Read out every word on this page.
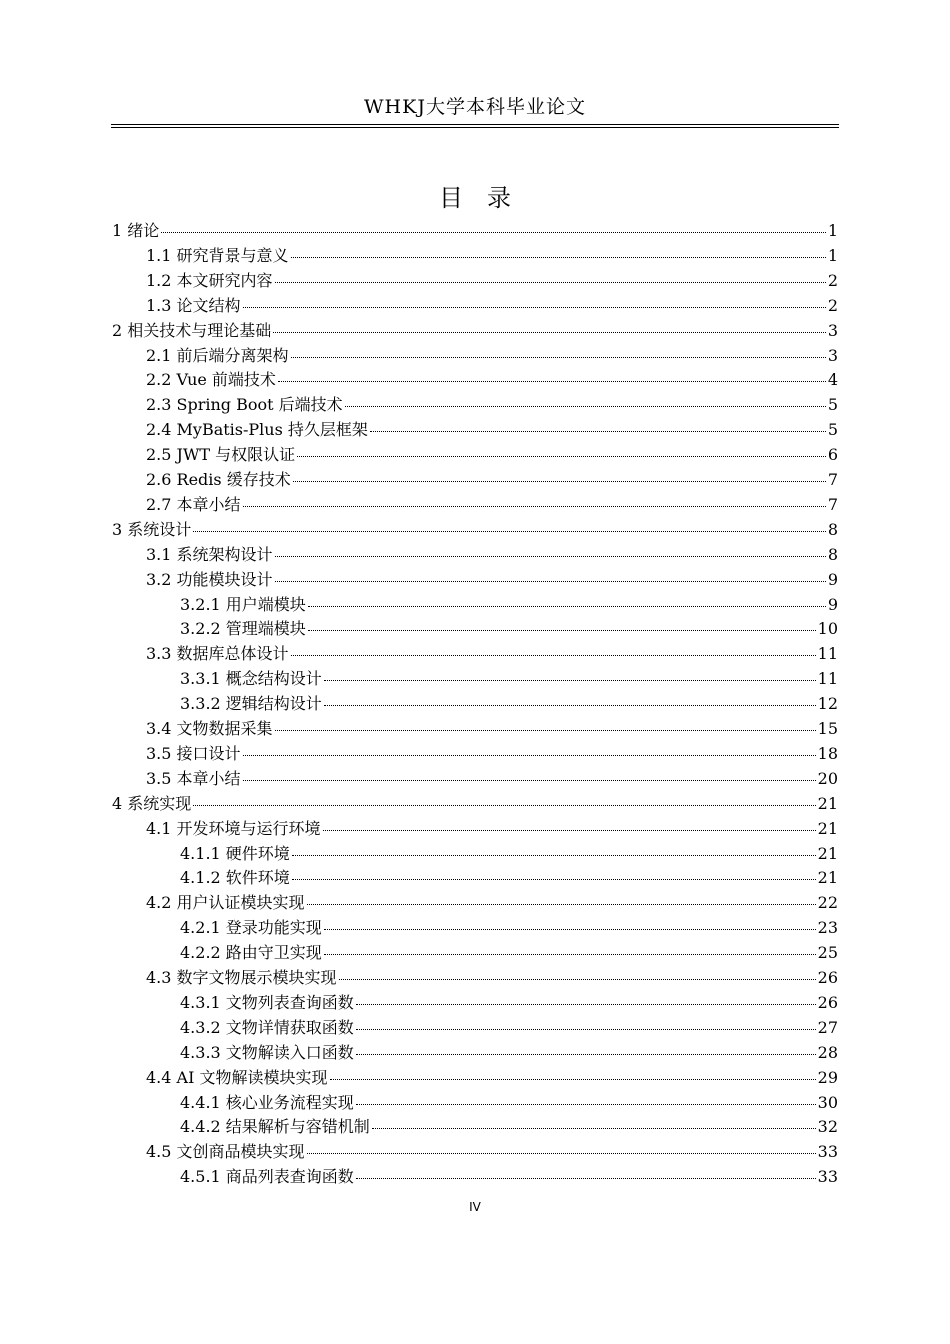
WHKJ大学本科毕业论文
目　录
1 绪论	1
1.1 研究背景与意义	1
1.2 本文研究内容	2
1.3 论文结构	2
2 相关技术与理论基础	3
2.1 前后端分离架构	3
2.2 Vue 前端技术	4
2.3 Spring Boot 后端技术	5
2.4 MyBatis-Plus 持久层框架	5
2.5 JWT 与权限认证	6
2.6 Redis 缓存技术	7
2.7 本章小结	7
3 系统设计	8
3.1 系统架构设计	8
3.2 功能模块设计	9
3.2.1 用户端模块	9
3.2.2 管理端模块	10
3.3 数据库总体设计	11
3.3.1 概念结构设计	11
3.3.2 逻辑结构设计	12
3.4 文物数据采集	15
3.5 接口设计	18
3.5 本章小结	20
4 系统实现	21
4.1 开发环境与运行环境	21
4.1.1 硬件环境	21
4.1.2 软件环境	21
4.2 用户认证模块实现	22
4.2.1 登录功能实现	23
4.2.2 路由守卫实现	25
4.3 数字文物展示模块实现	26
4.3.1 文物列表查询函数	26
4.3.2 文物详情获取函数	27
4.3.3 文物解读入口函数	28
4.4 AI 文物解读模块实现	29
4.4.1 核心业务流程实现	30
4.4.2 结果解析与容错机制	32
4.5 文创商品模块实现	33
4.5.1 商品列表查询函数	33
IV
